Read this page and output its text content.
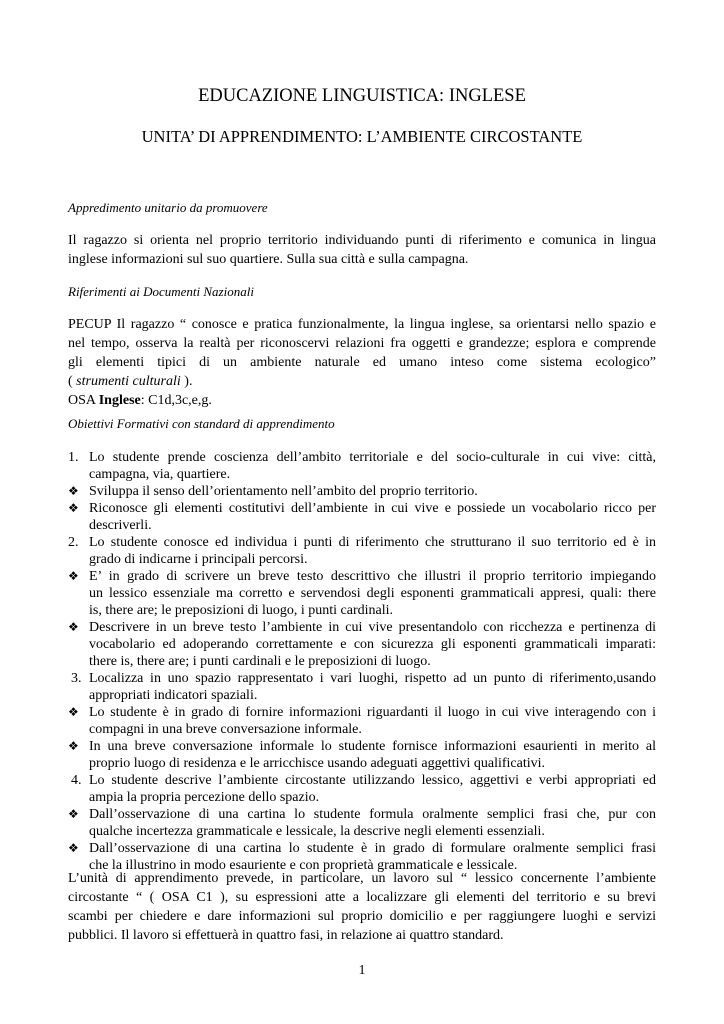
EDUCAZIONE LINGUISTICA: INGLESE
UNITA’ DI APPRENDIMENTO: L’AMBIENTE CIRCOSTANTE

Appredimento unitario da promuovere

Il ragazzo si orienta nel proprio territorio individuando punti di riferimento e comunica in lingua
inglese informazioni sul suo quartiere. Sulla sua città e sulla campagna.

Riferimenti ai Documenti Nazionali

PECUP Il ragazzo “ conosce e pratica funzionalmente, la lingua inglese, sa orientarsi nello spazio e
nel tempo, osserva la realtà per riconoscervi relazioni fra oggetti e grandezze; esplora e comprende
gli elementi tipici di un ambiente naturale ed umano inteso come sistema ecologico”
( strumenti culturali ).
OSA Inglese: C1d,3c,e,g.

Obiettivi Formativi con standard di apprendimento

1. Lo studente prende coscienza dell’ambito territoriale e del socio-culturale in cui vive: città,
campagna, via, quartiere.
❖ Sviluppa il senso dell’orientamento nell’ambito del proprio territorio.
❖ Riconosce gli elementi costitutivi dell’ambiente in cui vive e possiede un vocabolario ricco per
descriverli.
2. Lo studente conosce ed individua i punti di riferimento che strutturano il suo territorio ed è in
grado di indicarne i principali percorsi.
❖ E’ in grado di scrivere un breve testo descrittivo che illustri il proprio territorio impiegando
un lessico essenziale ma corretto e servendosi degli esponenti grammaticali appresi, quali: there
is, there are; le preposizioni di luogo, i punti cardinali.
❖ Descrivere in un breve testo l’ambiente in cui vive presentandolo con ricchezza e pertinenza di
vocabolario ed adoperando correttamente e con sicurezza gli esponenti grammaticali imparati:
there is, there are; i punti cardinali e le preposizioni di luogo.
3. Localizza in uno spazio rappresentato i vari luoghi, rispetto ad un punto di riferimento,usando
appropriati indicatori spaziali.
❖ Lo studente è in grado di fornire informazioni riguardanti il luogo in cui vive interagendo con i
compagni in una breve conversazione informale.
❖ In una breve conversazione informale lo studente fornisce informazioni esaurienti in merito al
proprio luogo di residenza e le arricchisce usando adeguati aggettivi qualificativi.
4. Lo studente descrive l’ambiente circostante utilizzando lessico, aggettivi e verbi appropriati ed
ampia la propria percezione dello spazio.
❖ Dall’osservazione di una cartina lo studente formula oralmente semplici frasi che, pur con
qualche incertezza grammaticale e lessicale, la descrive negli elementi essenziali.
❖ Dall’osservazione di una cartina lo studente è in grado di formulare oralmente semplici frasi
che la illustrino in modo esauriente e con proprietà grammaticale e lessicale.

L’unità di apprendimento prevede, in particolare, un lavoro sul “ lessico concernente l’ambiente
circostante “ ( OSA C1 ), su espressioni atte a localizzare gli elementi del territorio e su brevi
scambi per chiedere e dare informazioni sul proprio domicilio e per raggiungere luoghi e servizi
pubblici. Il lavoro si effettuerà in quattro fasi, in relazione ai quattro standard.

1
